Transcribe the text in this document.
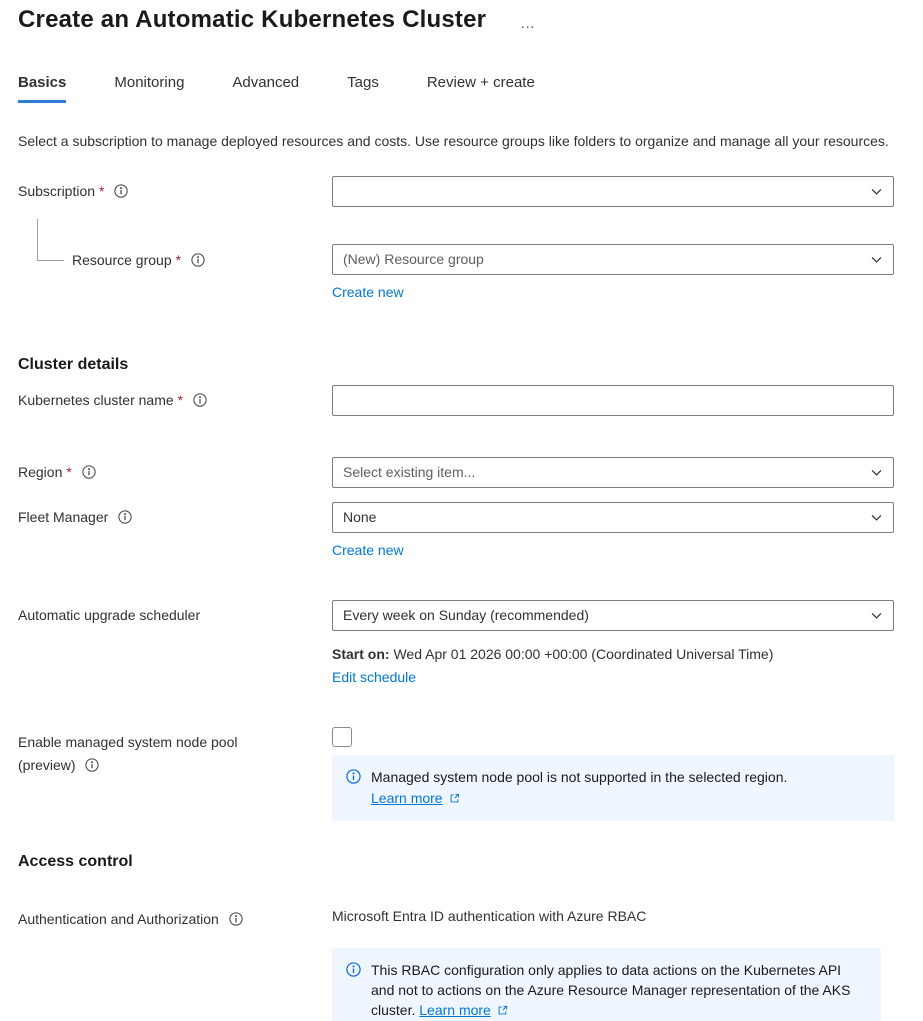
Create an Automatic Kubernetes Cluster …
Basics	Monitoring	Advanced	Tags	Review + create
Select a subscription to manage deployed resources and costs. Use resource groups like folders to organize and manage all your resources.
Subscription *
Resource group *	(New) Resource group
Create new
Cluster details
Kubernetes cluster name *
Region *	Select existing item...
Fleet Manager	None
Create new
Automatic upgrade scheduler	Every week on Sunday (recommended)
Start on: Wed Apr 01 2026 00:00 +00:00 (Coordinated Universal Time)
Edit schedule
Enable managed system node pool
(preview)
Managed system node pool is not supported in the selected region.
Learn more
Access control
Authentication and Authorization	Microsoft Entra ID authentication with Azure RBAC
This RBAC configuration only applies to data actions on the Kubernetes API and not to actions on the Azure Resource Manager representation of the AKS cluster. Learn more
